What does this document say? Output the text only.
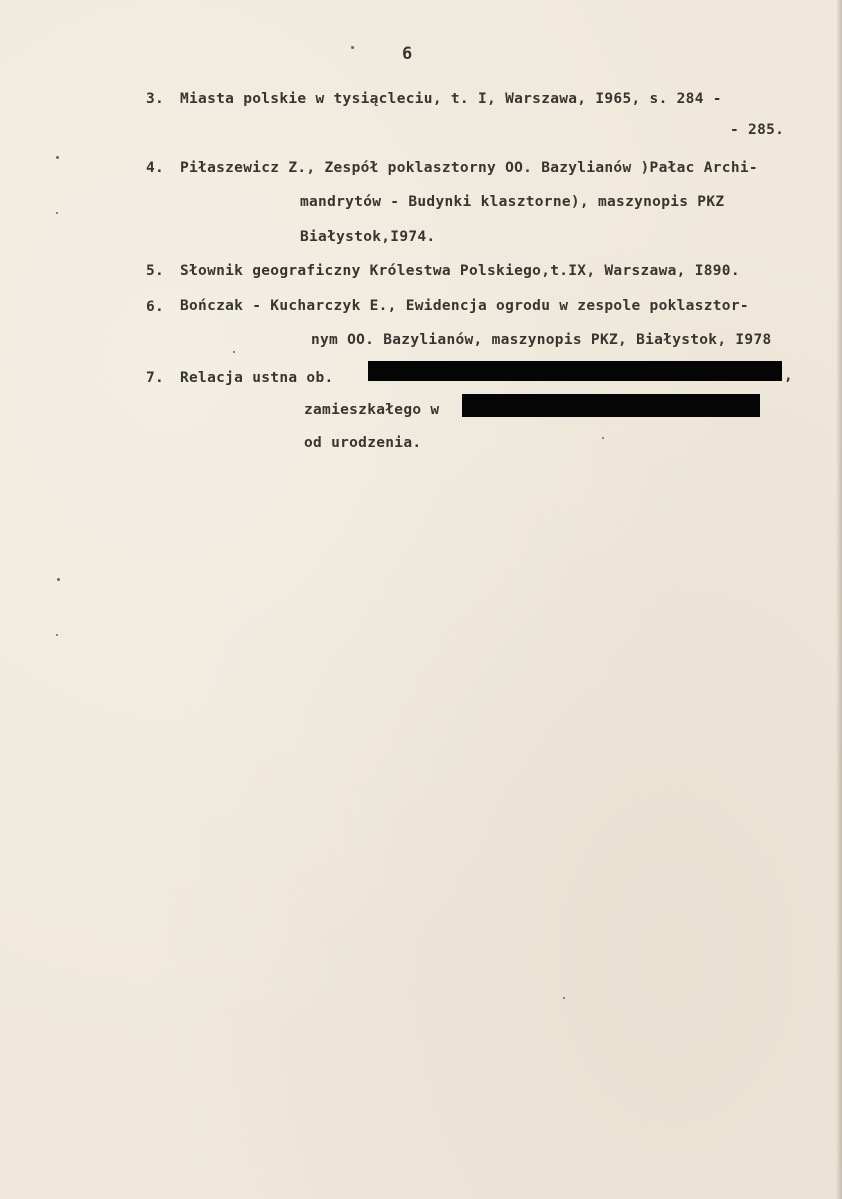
6
3. Miasta polskie w tysiącleciu, t. I, Warszawa, I965, s. 284 -
- 285.
4. Piłaszewicz Z., Zespół poklasztorny OO. Bazylianów )Pałac Archi-
mandrytów - Budynki klasztorne), maszynopis PKZ
Białystok,I974.
5. Słownik geograficzny Królestwa Polskiego,t.IX, Warszawa, I890.
6. Bończak - Kucharczyk E., Ewidencja ogrodu w zespole poklasztor-
nym OO. Bazylianów, maszynopis PKZ, Białystok, I978
7. Relacja ustna ob.	,
zamieszkałego w
od urodzenia.
